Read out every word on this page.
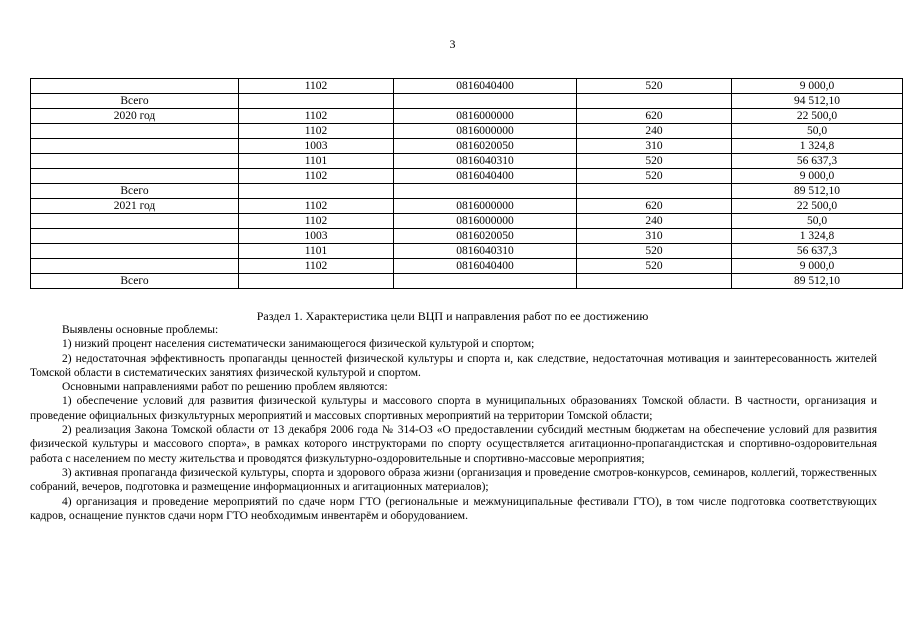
3
	1102	0816040400	520	9 000,0
Всего				94 512,10
2020 год	1102	0816000000	620	22 500,0
	1102	0816000000	240	50,0
	1003	0816020050	310	1 324,8
	1101	0816040310	520	56 637,3
	1102	0816040400	520	9 000,0
Всего				89 512,10
2021 год	1102	0816000000	620	22 500,0
	1102	0816000000	240	50,0
	1003	0816020050	310	1 324,8
	1101	0816040310	520	56 637,3
	1102	0816040400	520	9 000,0
Всего				89 512,10
Раздел 1. Характеристика цели ВЦП и направления работ по ее достижению

Выявлены основные проблемы:

1) низкий процент населения систематически занимающегося физической культурой и спортом;

2) недостаточная эффективность пропаганды ценностей физической культуры и спорта и, как следствие, недостаточная мотивация и заинтересованность жителей Томской области в систематических занятиях физической культурой и спортом.

Основными направлениями работ по решению проблем являются:

1) обеспечение условий для развития физической культуры и массового спорта в муниципальных образованиях Томской области. В частности, организация и проведение официальных физкультурных мероприятий и массовых спортивных мероприятий на территории Томской области;

2) реализация Закона Томской области от 13 декабря 2006 года № 314-ОЗ «О предоставлении субсидий местным бюджетам на обеспечение условий для развития физической культуры и массового спорта», в рамках которого инструкторами по спорту осуществляется агитационно-пропагандистская и спортивно-оздоровительная работа с населением по месту жительства и проводятся физкультурно-оздоровительные и спортивно-массовые мероприятия;

3) активная пропаганда физической культуры, спорта и здорового образа жизни (организация и проведение смотров-конкурсов, семинаров, коллегий, торжественных собраний, вечеров, подготовка и размещение информационных и агитационных материалов);

4) организация и проведение мероприятий по сдаче норм ГТО (региональные и межмуниципальные фестивали ГТО), в том числе подготовка соответствующих кадров, оснащение пунктов сдачи норм ГТО необходимым инвентарём и оборудованием.
